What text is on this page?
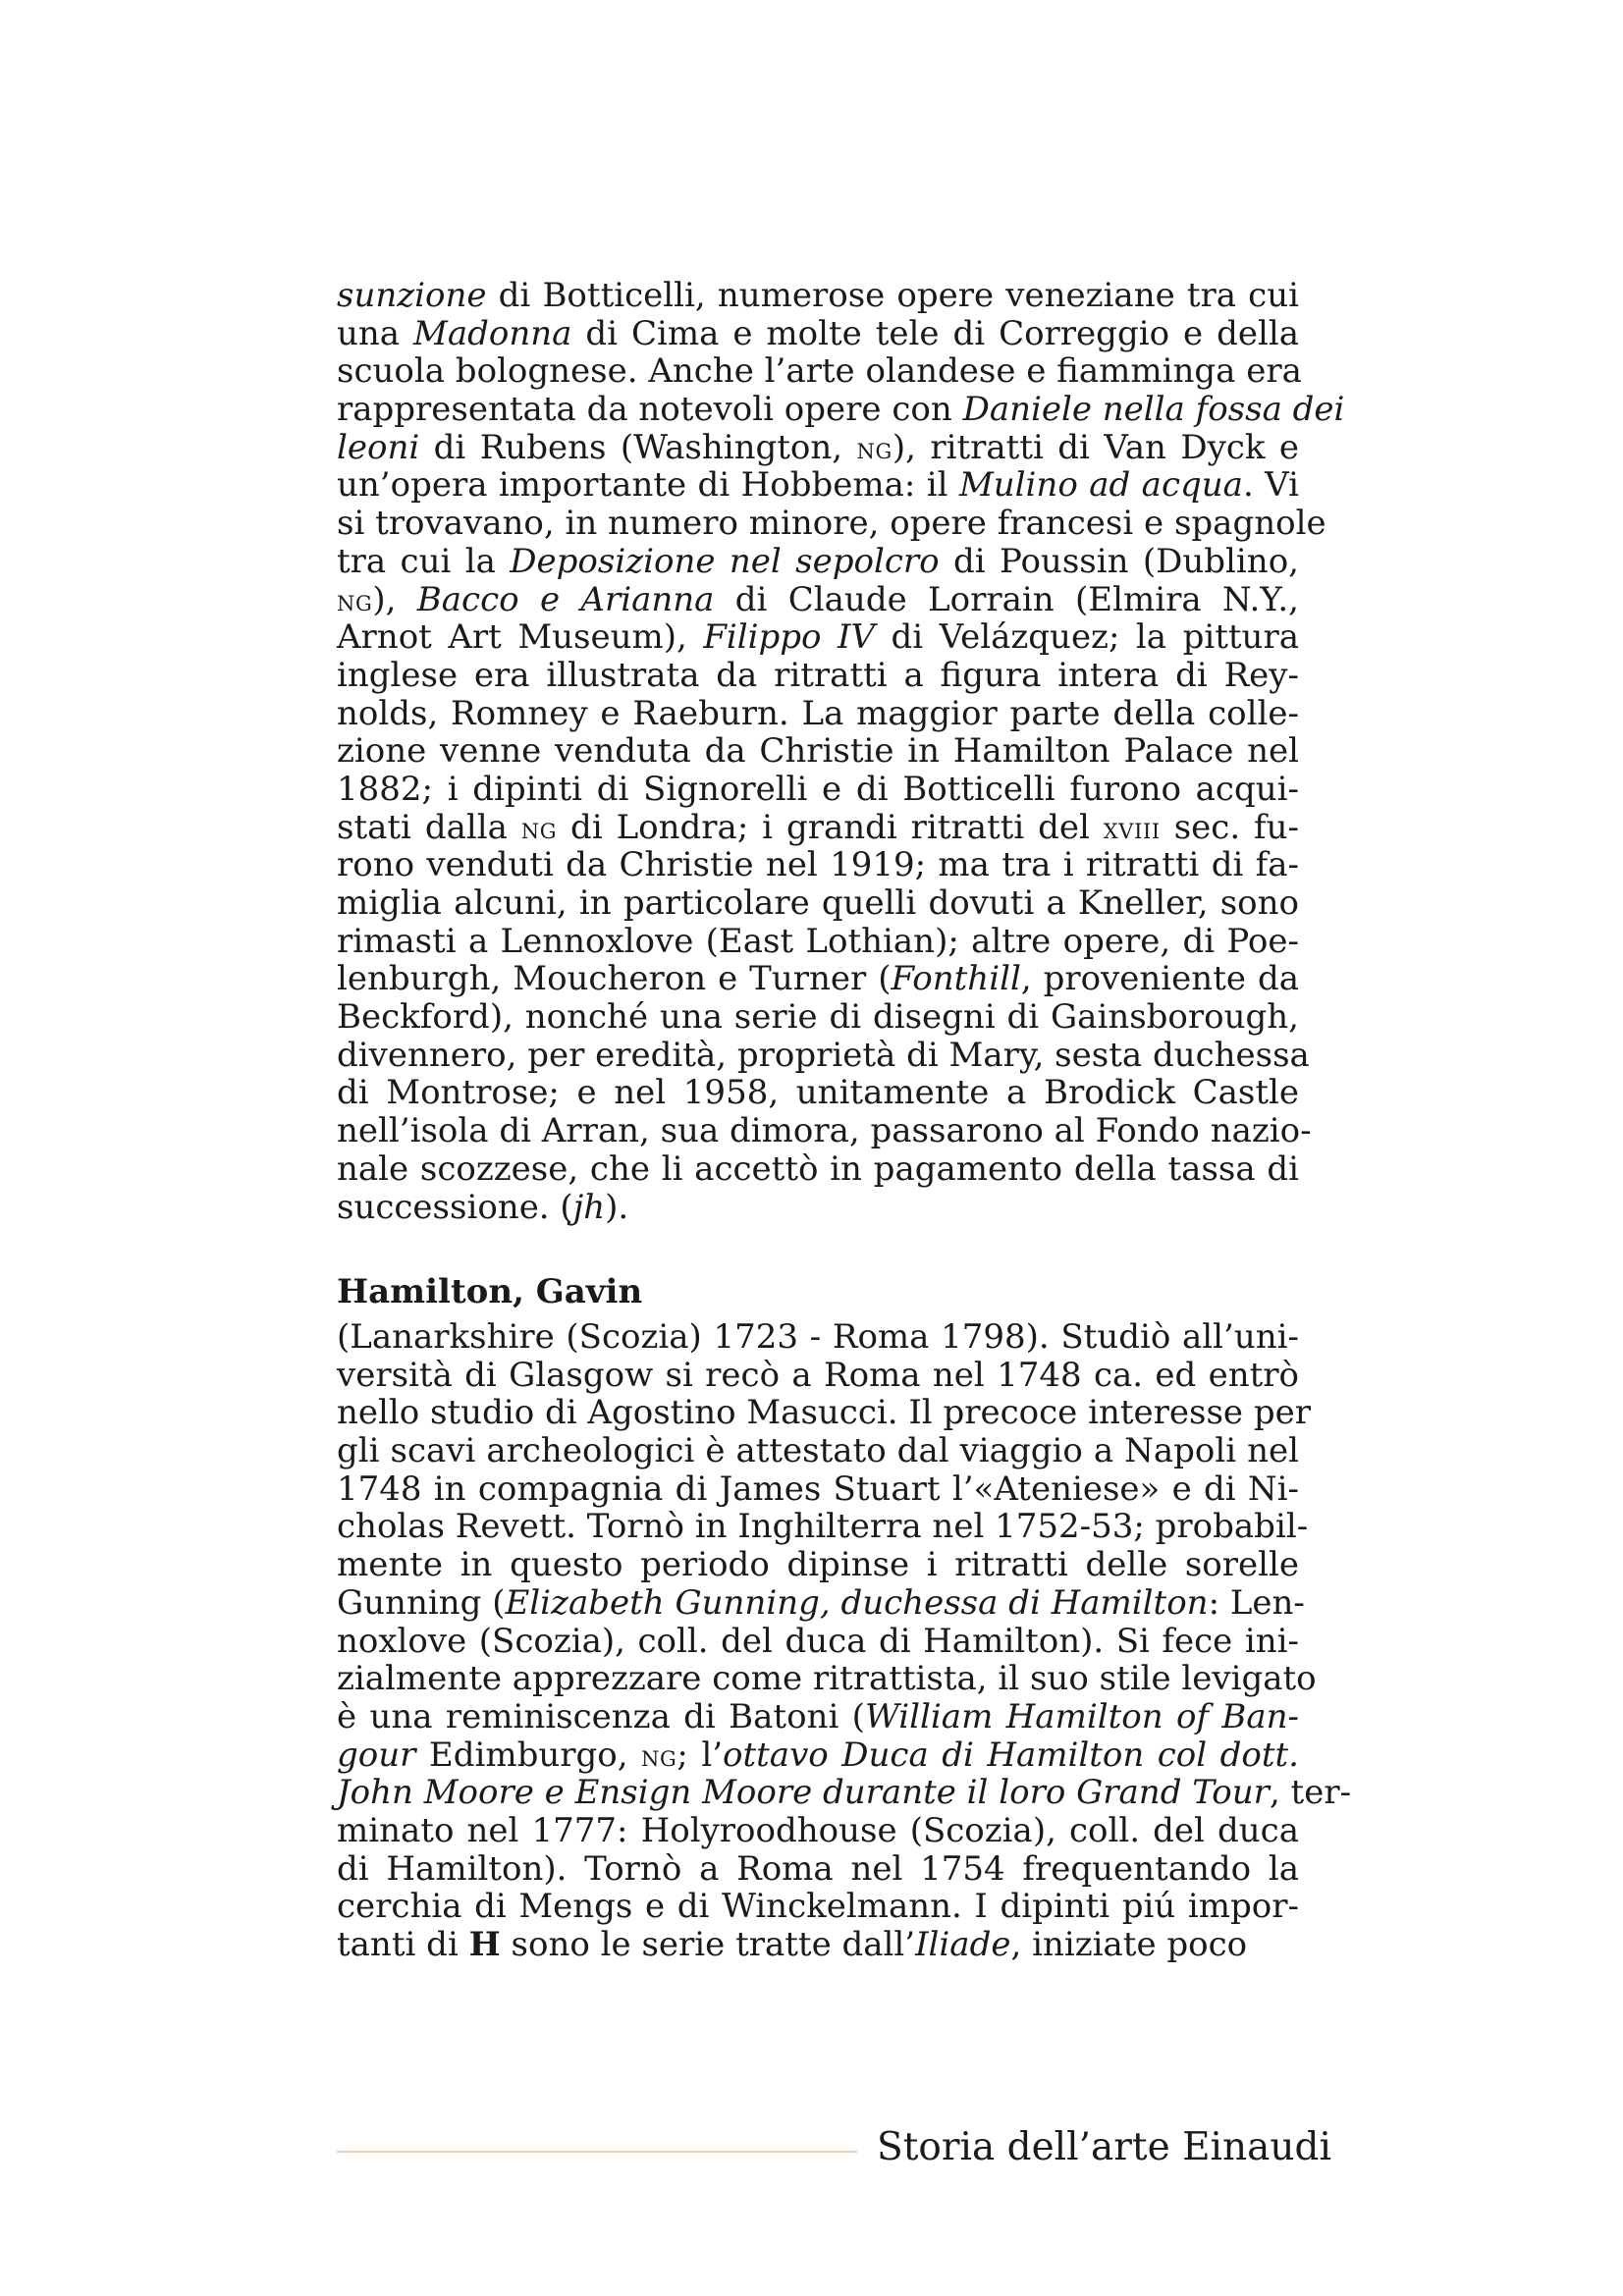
sunzione di Botticelli, numerose opere veneziane tra cui
una Madonna di Cima e molte tele di Correggio e della
scuola bolognese. Anche l’arte olandese e fiamminga era
rappresentata da notevoli opere con Daniele nella fossa dei
leoni di Rubens (Washington, ng), ritratti di Van Dyck e
un’opera importante di Hobbema: il Mulino ad acqua. Vi
si trovavano, in numero minore, opere francesi e spagnole
tra cui la Deposizione nel sepolcro di Poussin (Dublino,
ng), Bacco e Arianna di Claude Lorrain (Elmira N.Y.,
Arnot Art Museum), Filippo IV di Velázquez; la pittura
inglese era illustrata da ritratti a figura intera di Rey-
nolds, Romney e Raeburn. La maggior parte della colle-
zione venne venduta da Christie in Hamilton Palace nel
1882; i dipinti di Signorelli e di Botticelli furono acqui-
stati dalla ng di Londra; i grandi ritratti del xviii sec. fu-
rono venduti da Christie nel 1919; ma tra i ritratti di fa-
miglia alcuni, in particolare quelli dovuti a Kneller, sono
rimasti a Lennoxlove (East Lothian); altre opere, di Poe-
lenburgh, Moucheron e Turner (Fonthill, proveniente da
Beckford), nonché una serie di disegni di Gainsborough,
divennero, per eredità, proprietà di Mary, sesta duchessa
di Montrose; e nel 1958, unitamente a Brodick Castle
nell’isola di Arran, sua dimora, passarono al Fondo nazio-
nale scozzese, che li accettò in pagamento della tassa di
successione. (jh).
Hamilton, Gavin
(Lanarkshire (Scozia) 1723 - Roma 1798). Studiò all’uni-
versità di Glasgow si recò a Roma nel 1748 ca. ed entrò
nello studio di Agostino Masucci. Il precoce interesse per
gli scavi archeologici è attestato dal viaggio a Napoli nel
1748 in compagnia di James Stuart l’«Ateniese» e di Ni-
cholas Revett. Tornò in Inghilterra nel 1752-53; probabil-
mente in questo periodo dipinse i ritratti delle sorelle
Gunning (Elizabeth Gunning, duchessa di Hamilton: Len-
noxlove (Scozia), coll. del duca di Hamilton). Si fece ini-
zialmente apprezzare come ritrattista, il suo stile levigato
è una reminiscenza di Batoni (William Hamilton of Ban-
gour Edimburgo, ng; l’ottavo Duca di Hamilton col dott.
John Moore e Ensign Moore durante il loro Grand Tour, ter-
minato nel 1777: Holyroodhouse (Scozia), coll. del duca
di Hamilton). Tornò a Roma nel 1754 frequentando la
cerchia di Mengs e di Winckelmann. I dipinti piú impor-
tanti di H sono le serie tratte dall’Iliade, iniziate poco
Storia dell’arte Einaudi
